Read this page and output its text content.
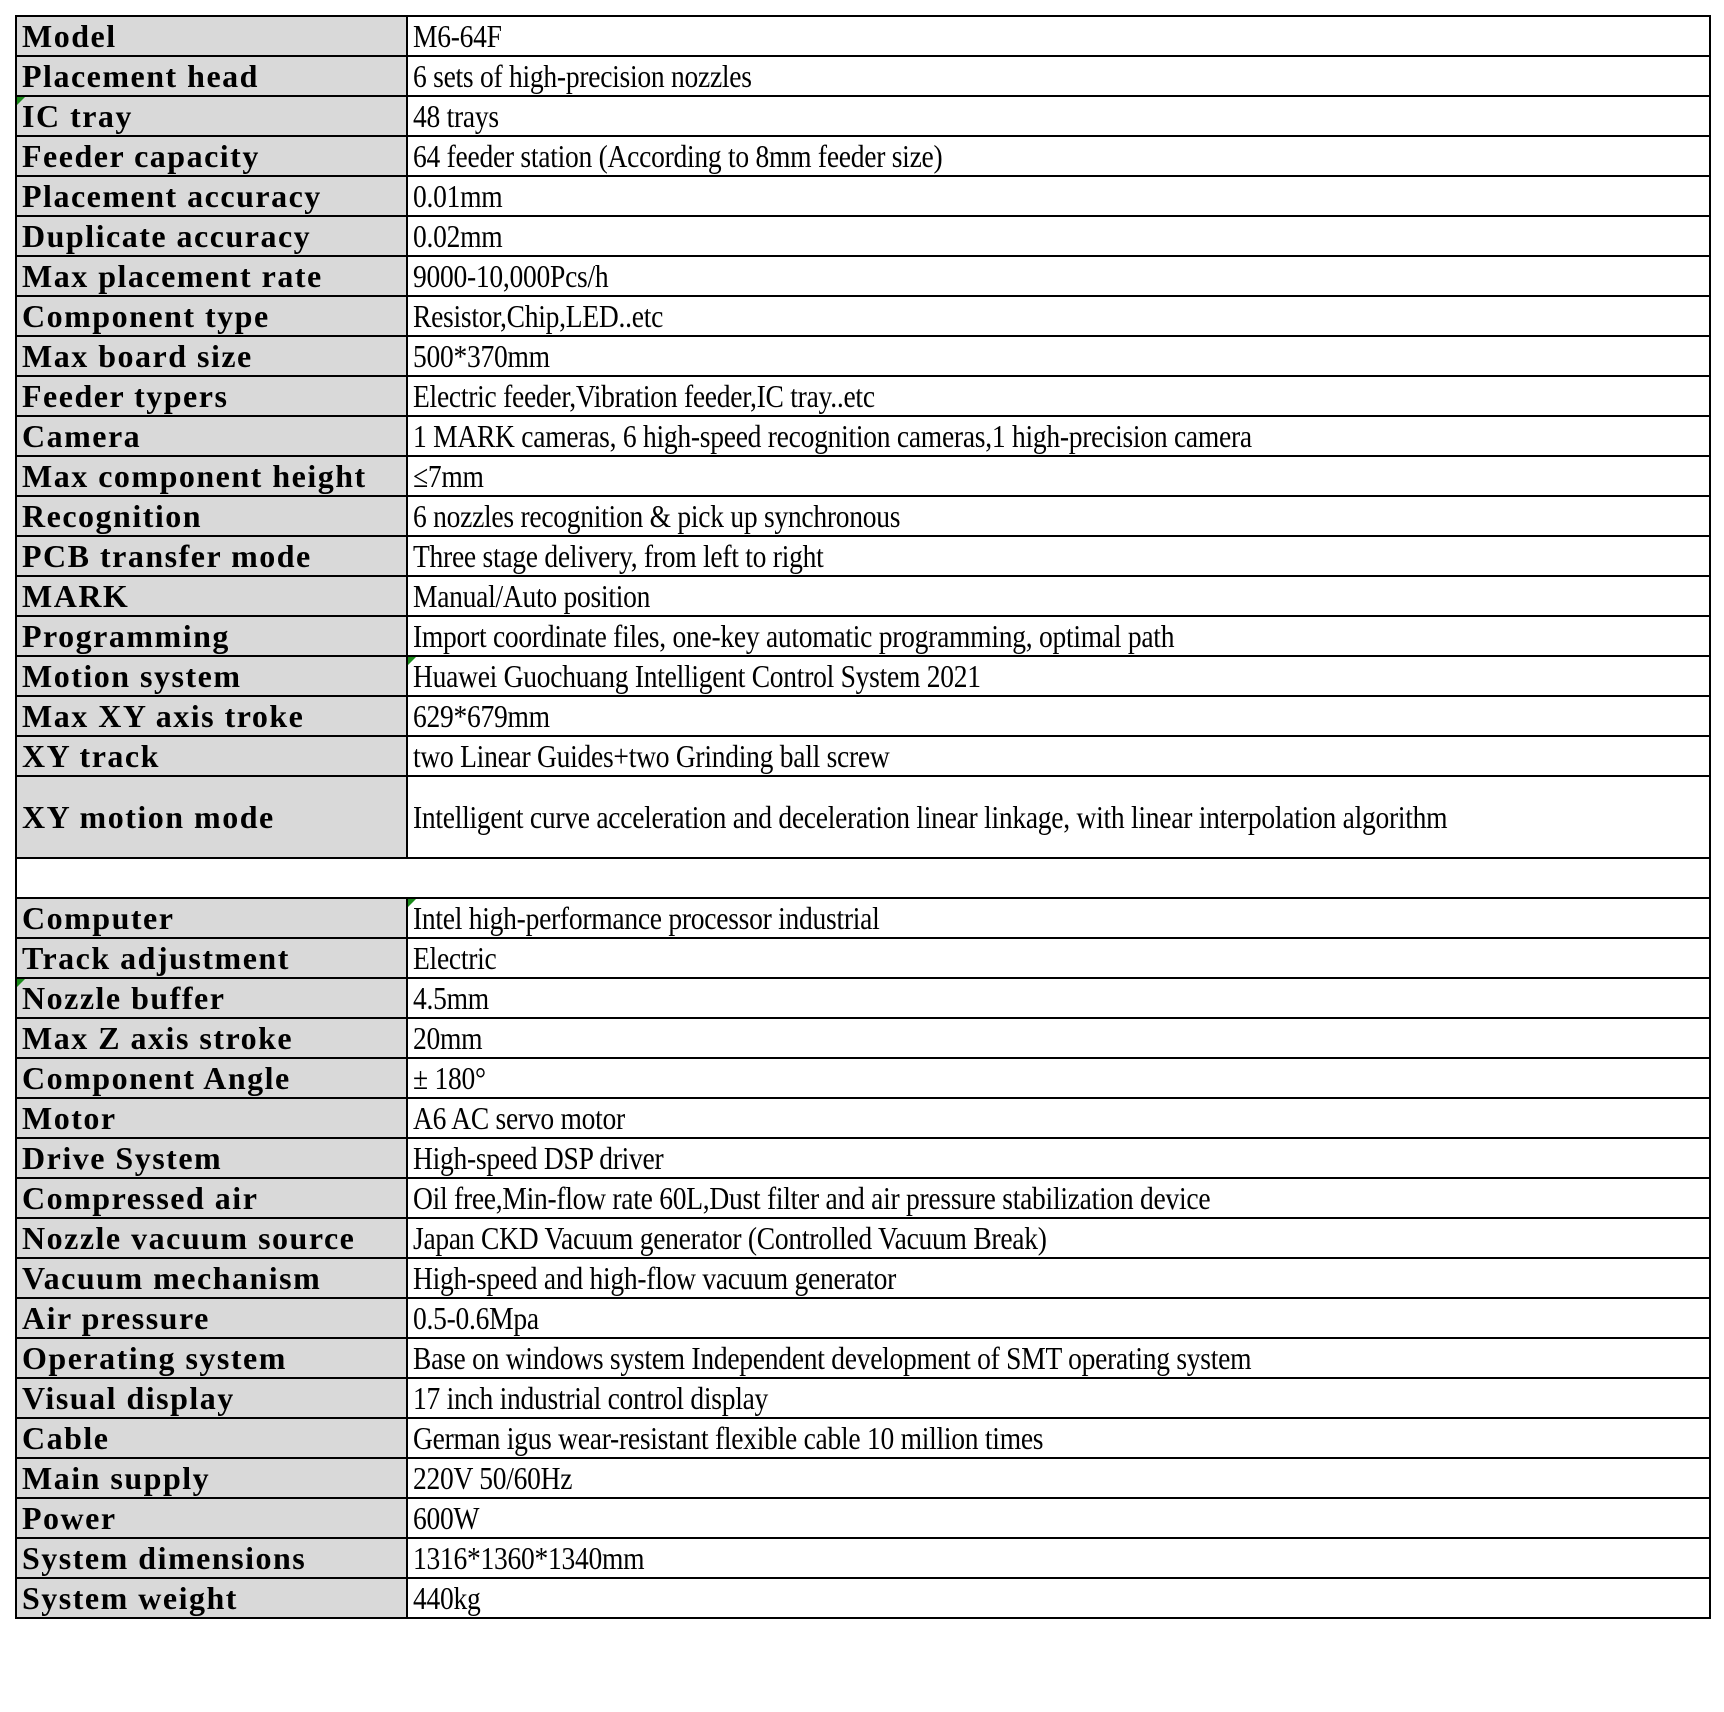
Model	M6-64F
Placement head	6 sets of high-precision nozzles
IC tray	48 trays
Feeder capacity	64 feeder station (According to 8mm feeder size)
Placement accuracy	0.01mm
Duplicate accuracy	0.02mm
Max placement rate	9000-10,000Pcs/h
Component type	Resistor,Chip,LED..etc
Max board size	500*370mm
Feeder typers	Electric feeder,Vibration feeder,IC tray..etc
Camera	1 MARK cameras, 6 high-speed recognition cameras,1 high-precision camera
Max component height	≤7mm
Recognition	6 nozzles recognition & pick up synchronous
PCB transfer mode	Three stage delivery, from left to right
MARK	Manual/Auto position
Programming	Import coordinate files, one-key automatic programming, optimal path
Motion system	Huawei Guochuang Intelligent Control System 2021
Max XY axis troke	629*679mm
XY track	two Linear Guides+two Grinding ball screw
XY motion mode	Intelligent curve acceleration and deceleration linear linkage, with linear interpolation algorithm

Computer	Intel high-performance processor industrial
Track adjustment	Electric
Nozzle buffer	4.5mm
Max Z axis stroke	20mm
Component Angle	± 180°
Motor	A6 AC servo motor
Drive System	High-speed DSP driver
Compressed air	Oil free,Min-flow rate 60L,Dust filter and air pressure stabilization device
Nozzle vacuum source	Japan CKD Vacuum generator (Controlled Vacuum Break)
Vacuum mechanism	High-speed and high-flow vacuum generator
Air pressure	0.5-0.6Mpa
Operating system	Base on windows system Independent development of SMT operating system
Visual display	17 inch industrial control display
Cable	German igus wear-resistant flexible cable 10 million times
Main supply	220V 50/60Hz
Power	600W
System dimensions	1316*1360*1340mm
System weight	440kg
